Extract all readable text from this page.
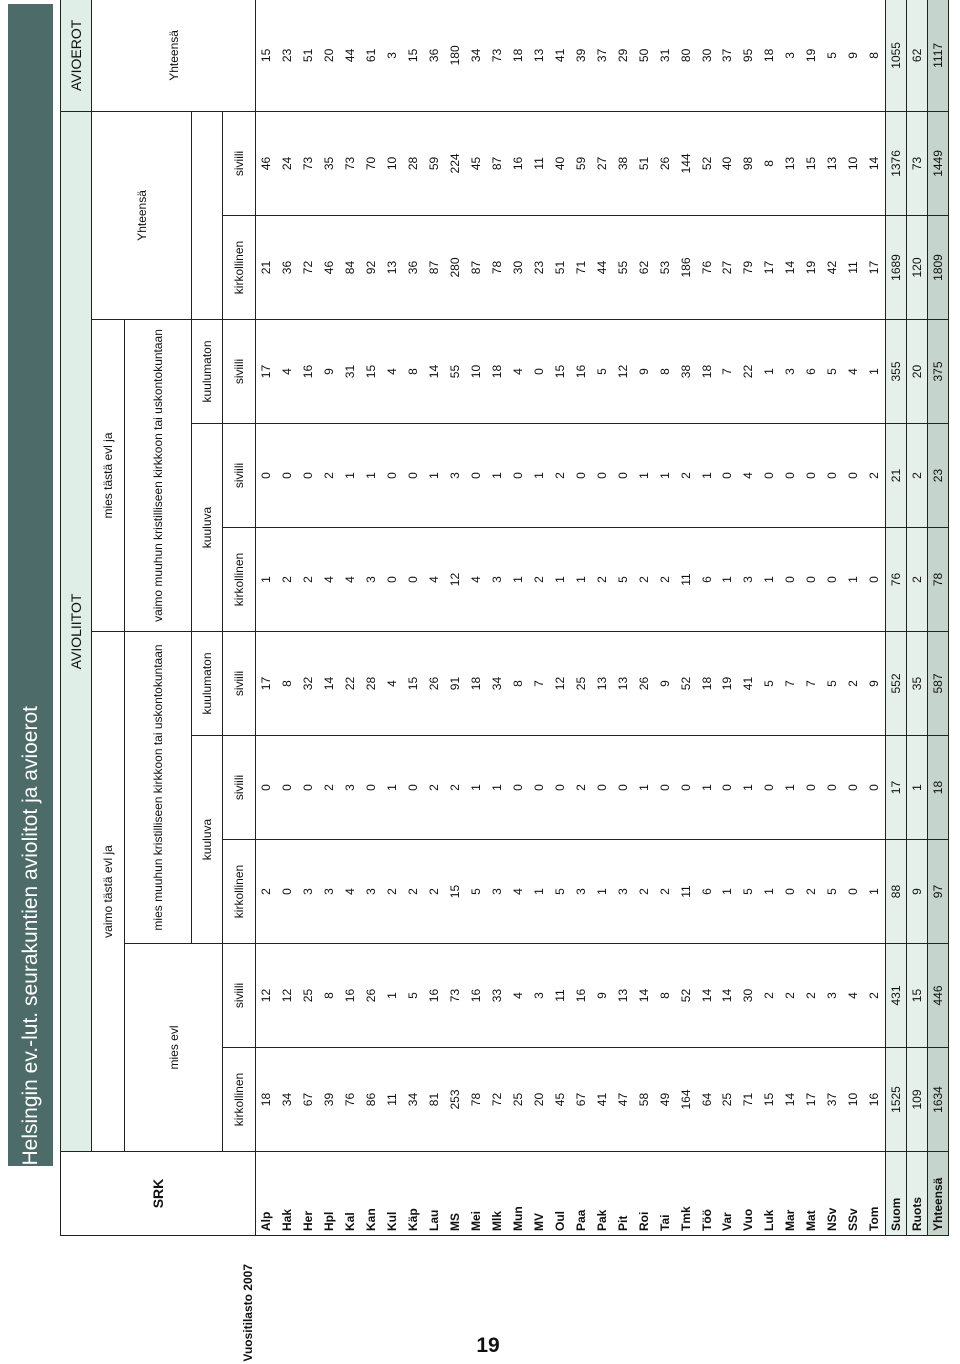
Helsingin ev.-lut. seurakuntien aviolitot ja avioerot
SRK	AVIOLIITOT										AVIOEROT
	vaimo tästä evl ja					mies tästä evl ja			Yhteensä		Yhteensä
	mies evl		mies muuhun kristilliseen kirkkoon tai uskontokuntaan			vaimo muuhun kristilliseen kirkkoon tai uskontokuntaan					
			kuuluva		kuulumaton	kuuluva		kuulumaton			
	kirkollinen	siviili	kirkollinen	siviili	siviili	kirkollinen	siviili	siviili	kirkollinen	siviili	
Alp	18	12	2	0	17	1	0	17	21	46	15
Hak	34	12	0	0	8	2	0	4	36	24	23
Her	67	25	3	0	32	2	0	16	72	73	51
Hpl	39	8	3	2	14	4	2	9	46	35	20
Kal	76	16	4	3	22	4	1	31	84	73	44
Kan	86	26	3	0	28	3	1	15	92	70	61
Kul	11	1	2	1	4	0	0	4	13	10	3
Käp	34	5	2	0	15	0	0	8	36	28	15
Lau	81	16	2	2	26	4	1	14	87	59	36
MS	253	73	15	2	91	12	3	55	280	224	180
Mei	78	16	5	1	18	4	0	10	87	45	34
Mlk	72	33	3	1	34	3	1	18	78	87	73
Mun	25	4	4	0	8	1	0	4	30	16	18
MV	20	3	1	0	7	2	1	0	23	11	13
Oul	45	11	5	0	12	1	2	15	51	40	41
Paa	67	16	3	2	25	1	0	16	71	59	39
Pak	41	9	1	0	13	2	0	5	44	27	37
Pit	47	13	3	0	13	5	0	12	55	38	29
Roi	58	14	2	1	26	2	1	9	62	51	50
Tai	49	8	2	0	9	2	1	8	53	26	31
Tmk	164	52	11	0	52	11	2	38	186	144	80
Töö	64	14	6	1	18	6	1	18	76	52	30
Var	25	14	1	0	19	1	0	7	27	40	37
Vuo	71	30	5	1	41	3	4	22	79	98	95
Luk	15	2	1	0	5	1	0	1	17	8	18
Mar	14	2	0	1	7	0	0	3	14	13	3
Mat	17	2	2	0	7	0	0	6	19	15	19
NSv	37	3	5	0	5	0	0	5	42	13	5
SSv	10	4	0	0	2	1	0	4	11	10	9
Tom	16	2	1	0	9	0	2	1	17	14	8
Suom	1525	431	88	17	552	76	21	355	1689	1376	1055
Ruots	109	15	9	1	35	2	2	20	120	73	62
Yhteensä	1634	446	97	18	587	78	23	375	1809	1449	1117
Vuositilasto 2007	19
